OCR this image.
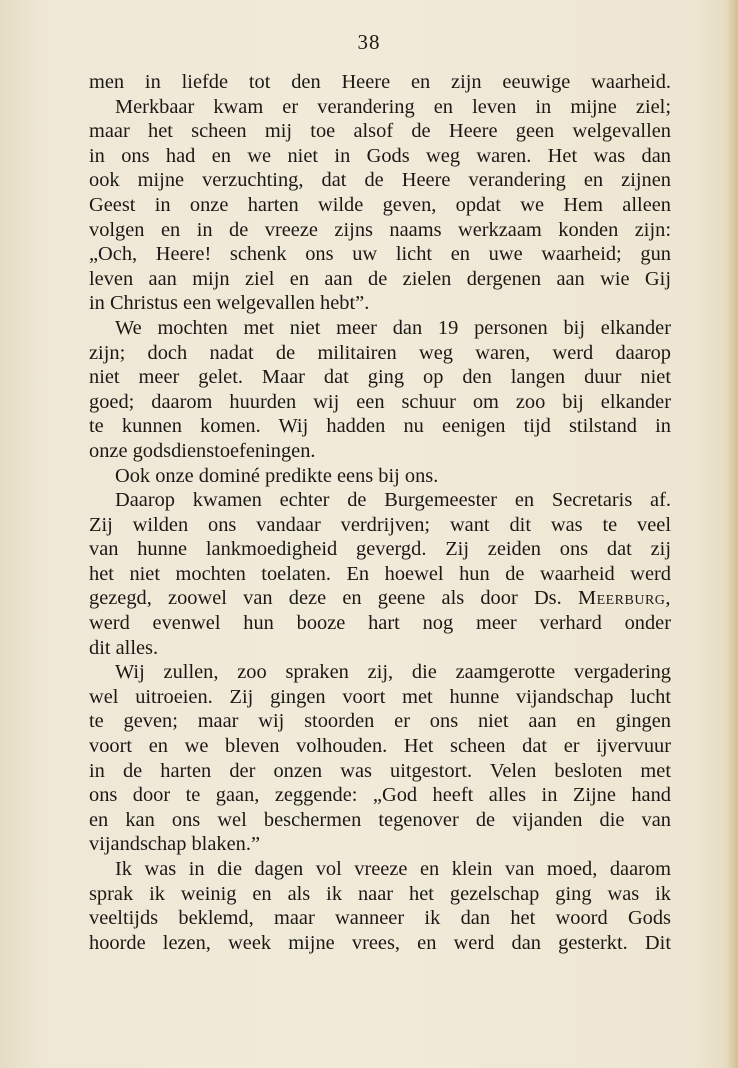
38
men in liefde tot den Heere en zijn eeuwige waarheid.
Merkbaar kwam er verandering en leven in mijne ziel;
maar het scheen mij toe alsof de Heere geen welgevallen
in ons had en we niet in Gods weg waren. Het was dan
ook mijne verzuchting, dat de Heere verandering en zijnen
Geest in onze harten wilde geven, opdat we Hem alleen
volgen en in de vreeze zijns naams werkzaam konden zijn:
„Och, Heere! schenk ons uw licht en uwe waarheid; gun
leven aan mijn ziel en aan de zielen dergenen aan wie Gij
in Christus een welgevallen hebt”.
We mochten met niet meer dan 19 personen bij elkander
zijn; doch nadat de militairen weg waren, werd daarop
niet meer gelet. Maar dat ging op den langen duur niet
goed; daarom huurden wij een schuur om zoo bij elkander
te kunnen komen. Wij hadden nu eenigen tijd stilstand in
onze godsdienstoefeningen.
Ook onze dominé predikte eens bij ons.
Daarop kwamen echter de Burgemeester en Secretaris af.
Zij wilden ons vandaar verdrijven; want dit was te veel
van hunne lankmoedigheid gevergd. Zij zeiden ons dat zij
het niet mochten toelaten. En hoewel hun de waarheid werd
gezegd, zoowel van deze en geene als door Ds. Meerburg,
werd evenwel hun booze hart nog meer verhard onder
dit alles.
Wij zullen, zoo spraken zij, die zaamgerotte vergadering
wel uitroeien. Zij gingen voort met hunne vijandschap lucht
te geven; maar wij stoorden er ons niet aan en gingen
voort en we bleven volhouden. Het scheen dat er ijvervuur
in de harten der onzen was uitgestort. Velen besloten met
ons door te gaan, zeggende: „God heeft alles in Zijne hand
en kan ons wel beschermen tegenover de vijanden die van
vijandschap blaken.”
Ik was in die dagen vol vreeze en klein van moed, daarom
sprak ik weinig en als ik naar het gezelschap ging was ik
veeltijds beklemd, maar wanneer ik dan het woord Gods
hoorde lezen, week mijne vrees, en werd dan gesterkt. Dit
